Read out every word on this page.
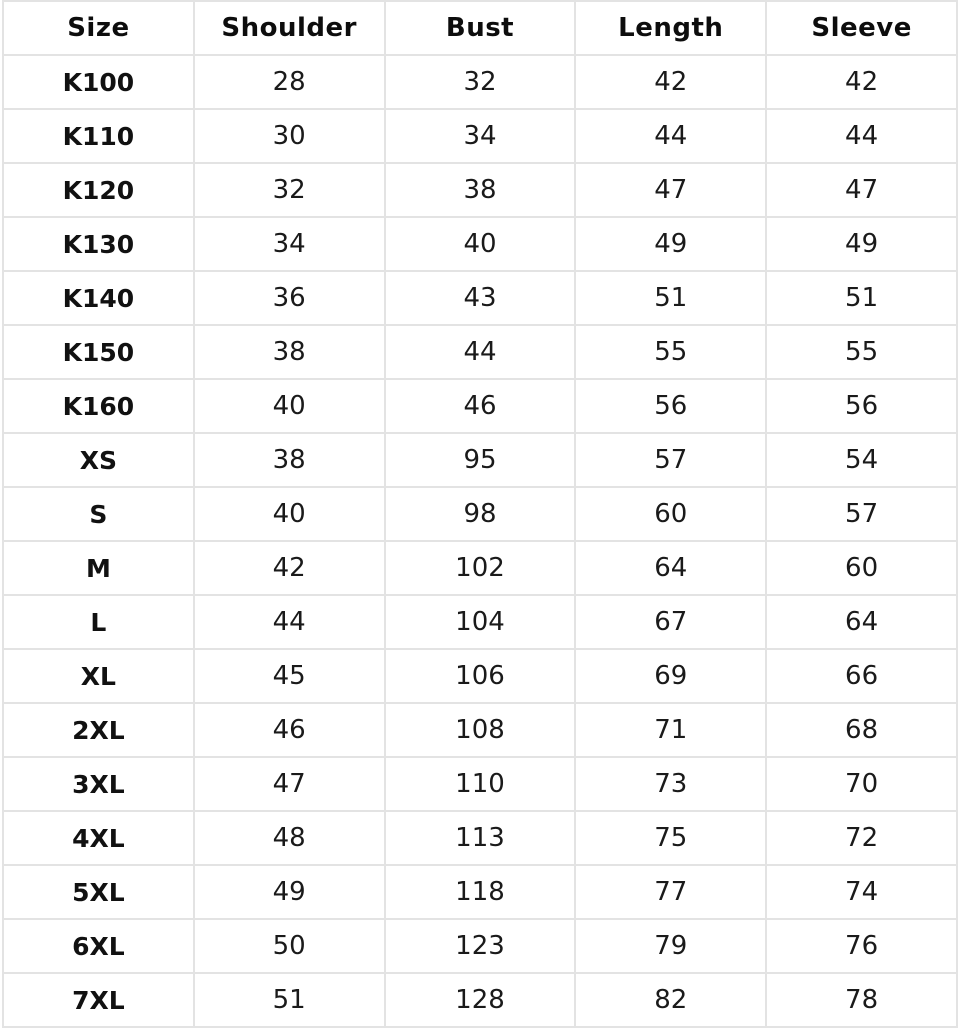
Size	Shoulder	Bust	Length	Sleeve
K100	28	32	42	42
K110	30	34	44	44
K120	32	38	47	47
K130	34	40	49	49
K140	36	43	51	51
K150	38	44	55	55
K160	40	46	56	56
XS	38	95	57	54
S	40	98	60	57
M	42	102	64	60
L	44	104	67	64
XL	45	106	69	66
2XL	46	108	71	68
3XL	47	110	73	70
4XL	48	113	75	72
5XL	49	118	77	74
6XL	50	123	79	76
7XL	51	128	82	78
